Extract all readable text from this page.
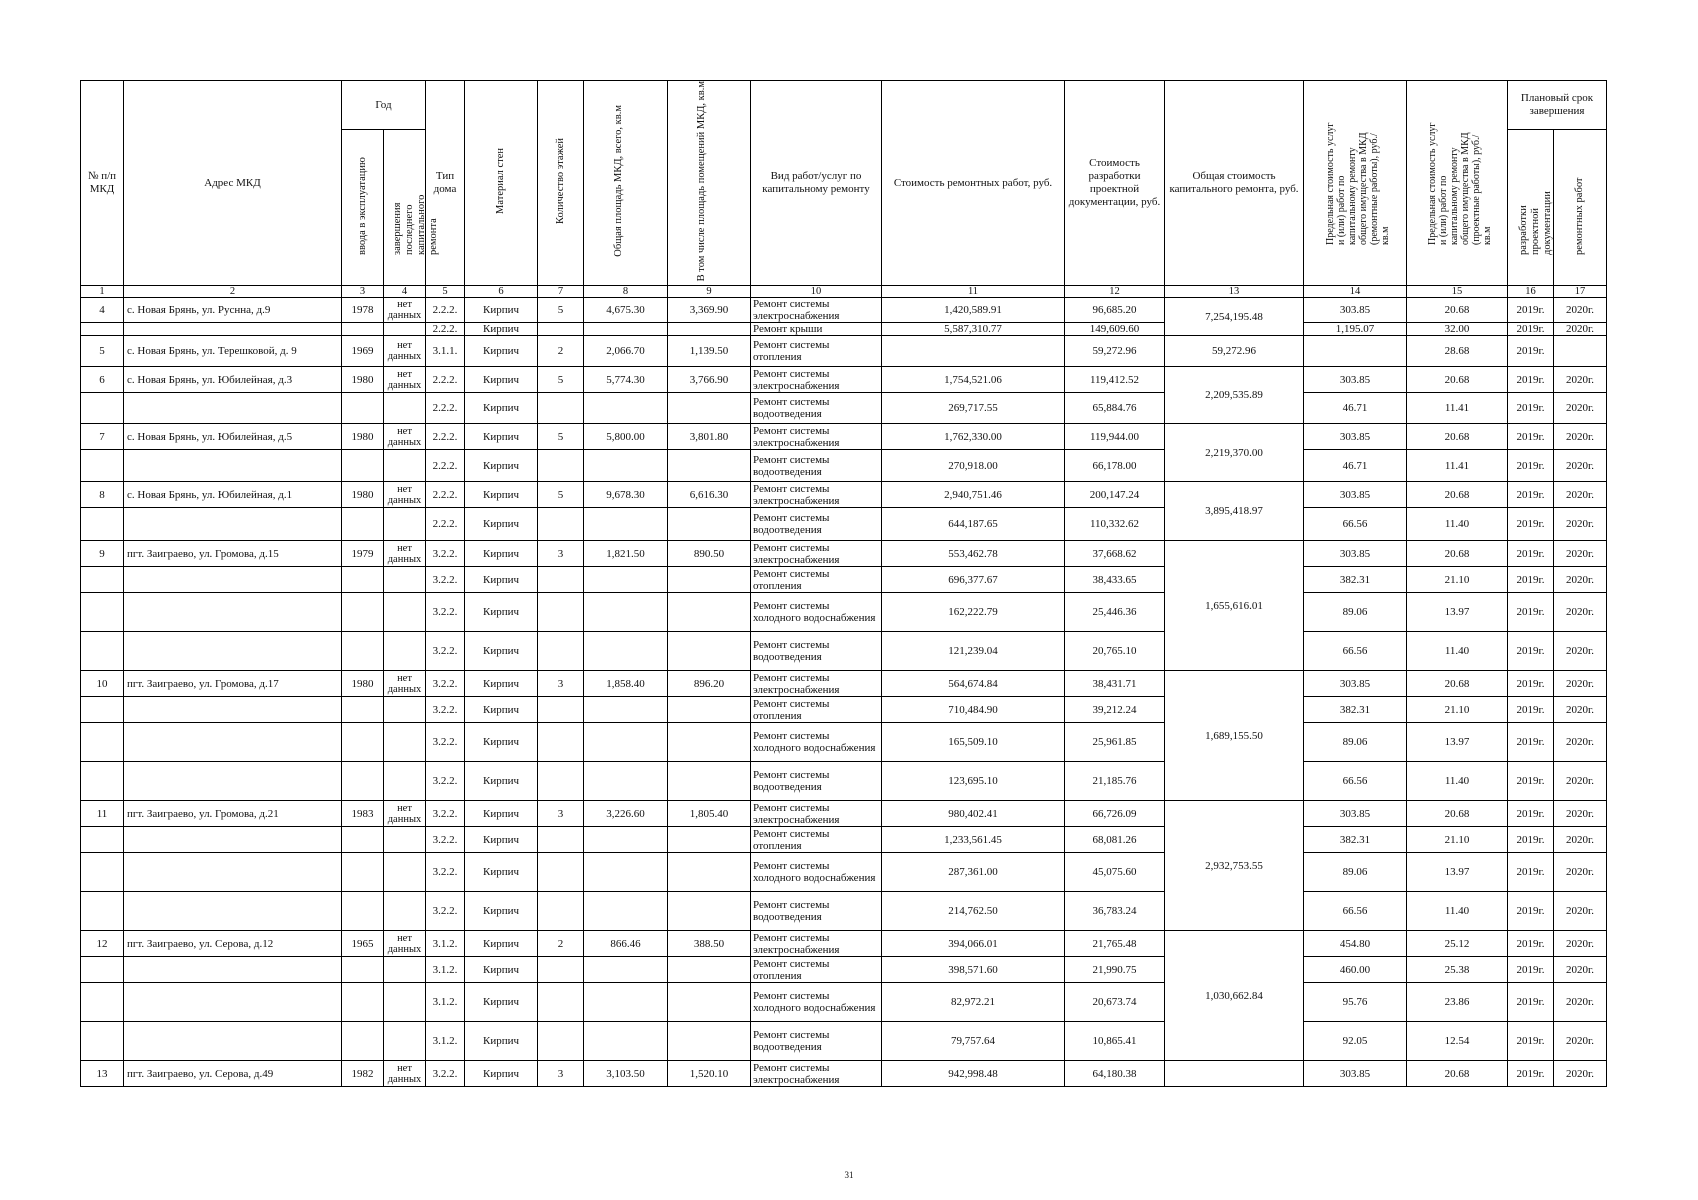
№ п/п МКД	Адрес МКД	Год		Тип дома	Материал стен	Количество этажей	Общая площадь МКД, всего, кв.м	В том числе площадь помещений МКД, кв.м	Вид работ/услуг по капитальному ремонту	Стоимость ремонтных работ, руб.	Стоимость разработки проектной документации, руб.	Общая стоимость капитального ремонта, руб.	Предельная стоимость услуг и (или) работ по капитальному ремонту общего имущества в МКД (ремонтные работы), руб./кв.м	Предельная стоимость услуг и (или) работ по капитальному ремонту общего имущества в МКД (проектные работы), руб./кв.м	Плановый срок завершения	
		ввода в эксплуатацию	завершения последнего капитального ремонта												разработки проектной документации	ремонтных работ
1	2	3	4	5	6	7	8	9	10	11	12	13	14	15	16	17
4	с. Новая Брянь, ул. Руснна, д.9	1978	нет данных	2.2.2.	Кирпич	5	4,675.30	3,369.90	Ремонт системы электроснабжения	1,420,589.91	96,685.20	7,254,195.48	303.85	20.68	2019г.	2020г.
				2.2.2.	Кирпич				Ремонт крыши	5,587,310.77	149,609.60		1,195.07	32.00	2019г.	2020г.
5	с. Новая Брянь, ул. Терешковой, д. 9	1969	нет данных	3.1.1.	Кирпич	2	2,066.70	1,139.50	Ремонт системы отопления		59,272.96	59,272.96		28.68	2019г.	
6	с. Новая Брянь, ул. Юбилейная, д.3	1980	нет данных	2.2.2.	Кирпич	5	5,774.30	3,766.90	Ремонт системы электроснабжения	1,754,521.06	119,412.52	2,209,535.89	303.85	20.68	2019г.	2020г.
				2.2.2.	Кирпич				Ремонт системы водоотведения	269,717.55	65,884.76		46.71	11.41	2019г.	2020г.
7	с. Новая Брянь, ул. Юбилейная, д.5	1980	нет данных	2.2.2.	Кирпич	5	5,800.00	3,801.80	Ремонт системы электроснабжения	1,762,330.00	119,944.00	2,219,370.00	303.85	20.68	2019г.	2020г.
				2.2.2.	Кирпич				Ремонт системы водоотведения	270,918.00	66,178.00		46.71	11.41	2019г.	2020г.
8	с. Новая Брянь, ул. Юбилейная, д.1	1980	нет данных	2.2.2.	Кирпич	5	9,678.30	6,616.30	Ремонт системы электроснабжения	2,940,751.46	200,147.24	3,895,418.97	303.85	20.68	2019г.	2020г.
				2.2.2.	Кирпич				Ремонт системы водоотведения	644,187.65	110,332.62		66.56	11.40	2019г.	2020г.
9	пгт. Заиграево, ул. Громова, д.15	1979	нет данных	3.2.2.	Кирпич	3	1,821.50	890.50	Ремонт системы электроснабжения	553,462.78	37,668.62	1,655,616.01	303.85	20.68	2019г.	2020г.
				3.2.2.	Кирпич				Ремонт системы отопления	696,377.67	38,433.65		382.31	21.10	2019г.	2020г.
				3.2.2.	Кирпич				Ремонт системы холодного водоснабжения	162,222.79	25,446.36		89.06	13.97	2019г.	2020г.
				3.2.2.	Кирпич				Ремонт системы водоотведения	121,239.04	20,765.10		66.56	11.40	2019г.	2020г.
10	пгт. Заиграево, ул. Громова, д.17	1980	нет данных	3.2.2.	Кирпич	3	1,858.40	896.20	Ремонт системы электроснабжения	564,674.84	38,431.71	1,689,155.50	303.85	20.68	2019г.	2020г.
				3.2.2.	Кирпич				Ремонт системы отопления	710,484.90	39,212.24		382.31	21.10	2019г.	2020г.
				3.2.2.	Кирпич				Ремонт системы холодного водоснабжения	165,509.10	25,961.85		89.06	13.97	2019г.	2020г.
				3.2.2.	Кирпич				Ремонт системы водоотведения	123,695.10	21,185.76		66.56	11.40	2019г.	2020г.
11	пгт. Заиграево, ул. Громова, д.21	1983	нет данных	3.2.2.	Кирпич	3	3,226.60	1,805.40	Ремонт системы электроснабжения	980,402.41	66,726.09	2,932,753.55	303.85	20.68	2019г.	2020г.
				3.2.2.	Кирпич				Ремонт системы отопления	1,233,561.45	68,081.26		382.31	21.10	2019г.	2020г.
				3.2.2.	Кирпич				Ремонт системы холодного водоснабжения	287,361.00	45,075.60		89.06	13.97	2019г.	2020г.
				3.2.2.	Кирпич				Ремонт системы водоотведения	214,762.50	36,783.24		66.56	11.40	2019г.	2020г.
12	пгт. Заиграево, ул. Серова, д.12	1965	нет данных	3.1.2.	Кирпич	2	866.46	388.50	Ремонт системы электроснабжения	394,066.01	21,765.48	1,030,662.84	454.80	25.12	2019г.	2020г.
				3.1.2.	Кирпич				Ремонт системы отопления	398,571.60	21,990.75		460.00	25.38	2019г.	2020г.
				3.1.2.	Кирпич				Ремонт системы холодного водоснабжения	82,972.21	20,673.74		95.76	23.86	2019г.	2020г.
				3.1.2.	Кирпич				Ремонт системы водоотведения	79,757.64	10,865.41		92.05	12.54	2019г.	2020г.
13	пгт. Заиграево, ул. Серова, д.49	1982	нет данных	3.2.2.	Кирпич	3	3,103.50	1,520.10	Ремонт системы электроснабжения	942,998.48	64,180.38		303.85	20.68	2019г.	2020г.
31
